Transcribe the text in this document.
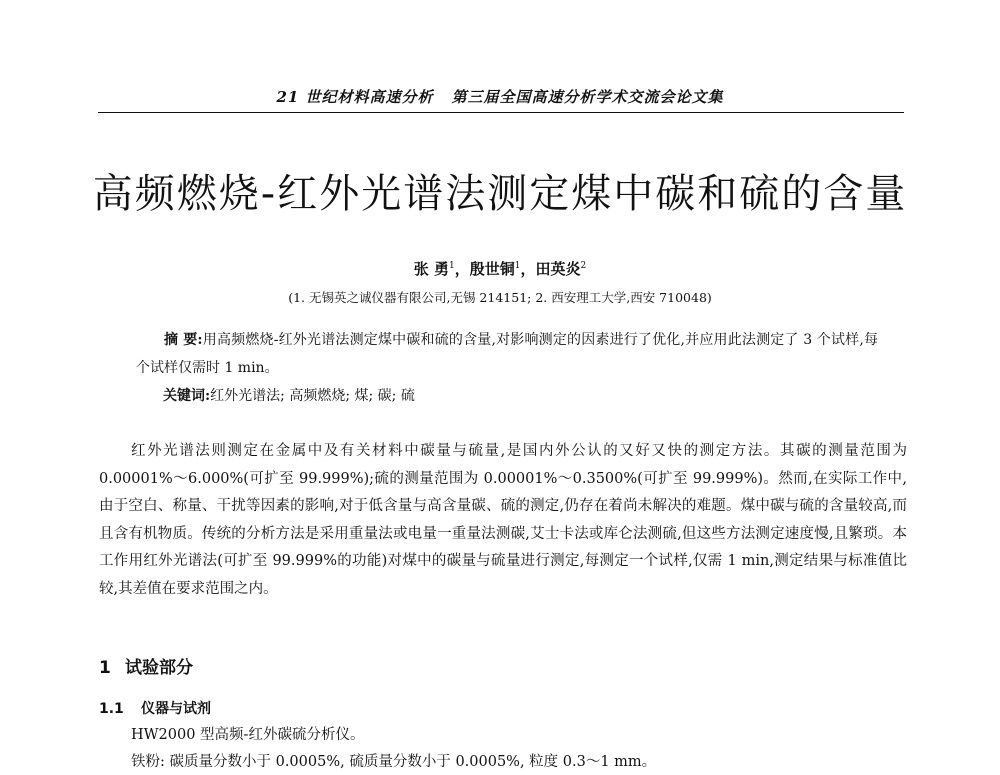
21 世纪材料高速分析 第三届全国高速分析学术交流会论文集
高频燃烧-红外光谱法测定煤中碳和硫的含量
张 勇$^1$，殷世铜$^1$，田英炎$^2$
(1. 无锡英之诚仪器有限公司,无锡 214151; 2. 西安理工大学,西安 710048)
摘 要:用高频燃烧-红外光谱法测定煤中碳和硫的含量,对影响测定的因素进行了优化,并应用此法测定了 3 个试样,每个试样仅需时 1 min。
关键词:红外光谱法; 高频燃烧; 煤; 碳; 硫

红外光谱法则测定在金属中及有关材料中碳量与硫量,是国内外公认的又好又快的测定方法。其碳的测量范围为 0.00001%～6.000%(可扩至 99.999%);硫的测量范围为 0.00001%～0.3500%(可扩至 99.999%)。然而,在实际工作中,由于空白、称量、干扰等因素的影响,对于低含量与高含量碳、硫的测定,仍存在着尚未解决的难题。煤中碳与硫的含量较高,而且含有机物质。传统的分析方法是采用重量法或电量一重量法测碳,艾士卡法或库仑法测硫,但这些方法测定速度慢,且繁琐。本工作用红外光谱法(可扩至 99.999%的功能)对煤中的碳量与硫量进行测定,每测定一个试样,仅需 1 min,测定结果与标准值比较,其差值在要求范围之内。

1 试验部分
1.1 仪器与试剂
HW2000 型高频-红外碳硫分析仪。
铁粉: 碳质量分数小于 0.0005%, 硫质量分数小于 0.0005%, 粒度 0.3～1 mm。
